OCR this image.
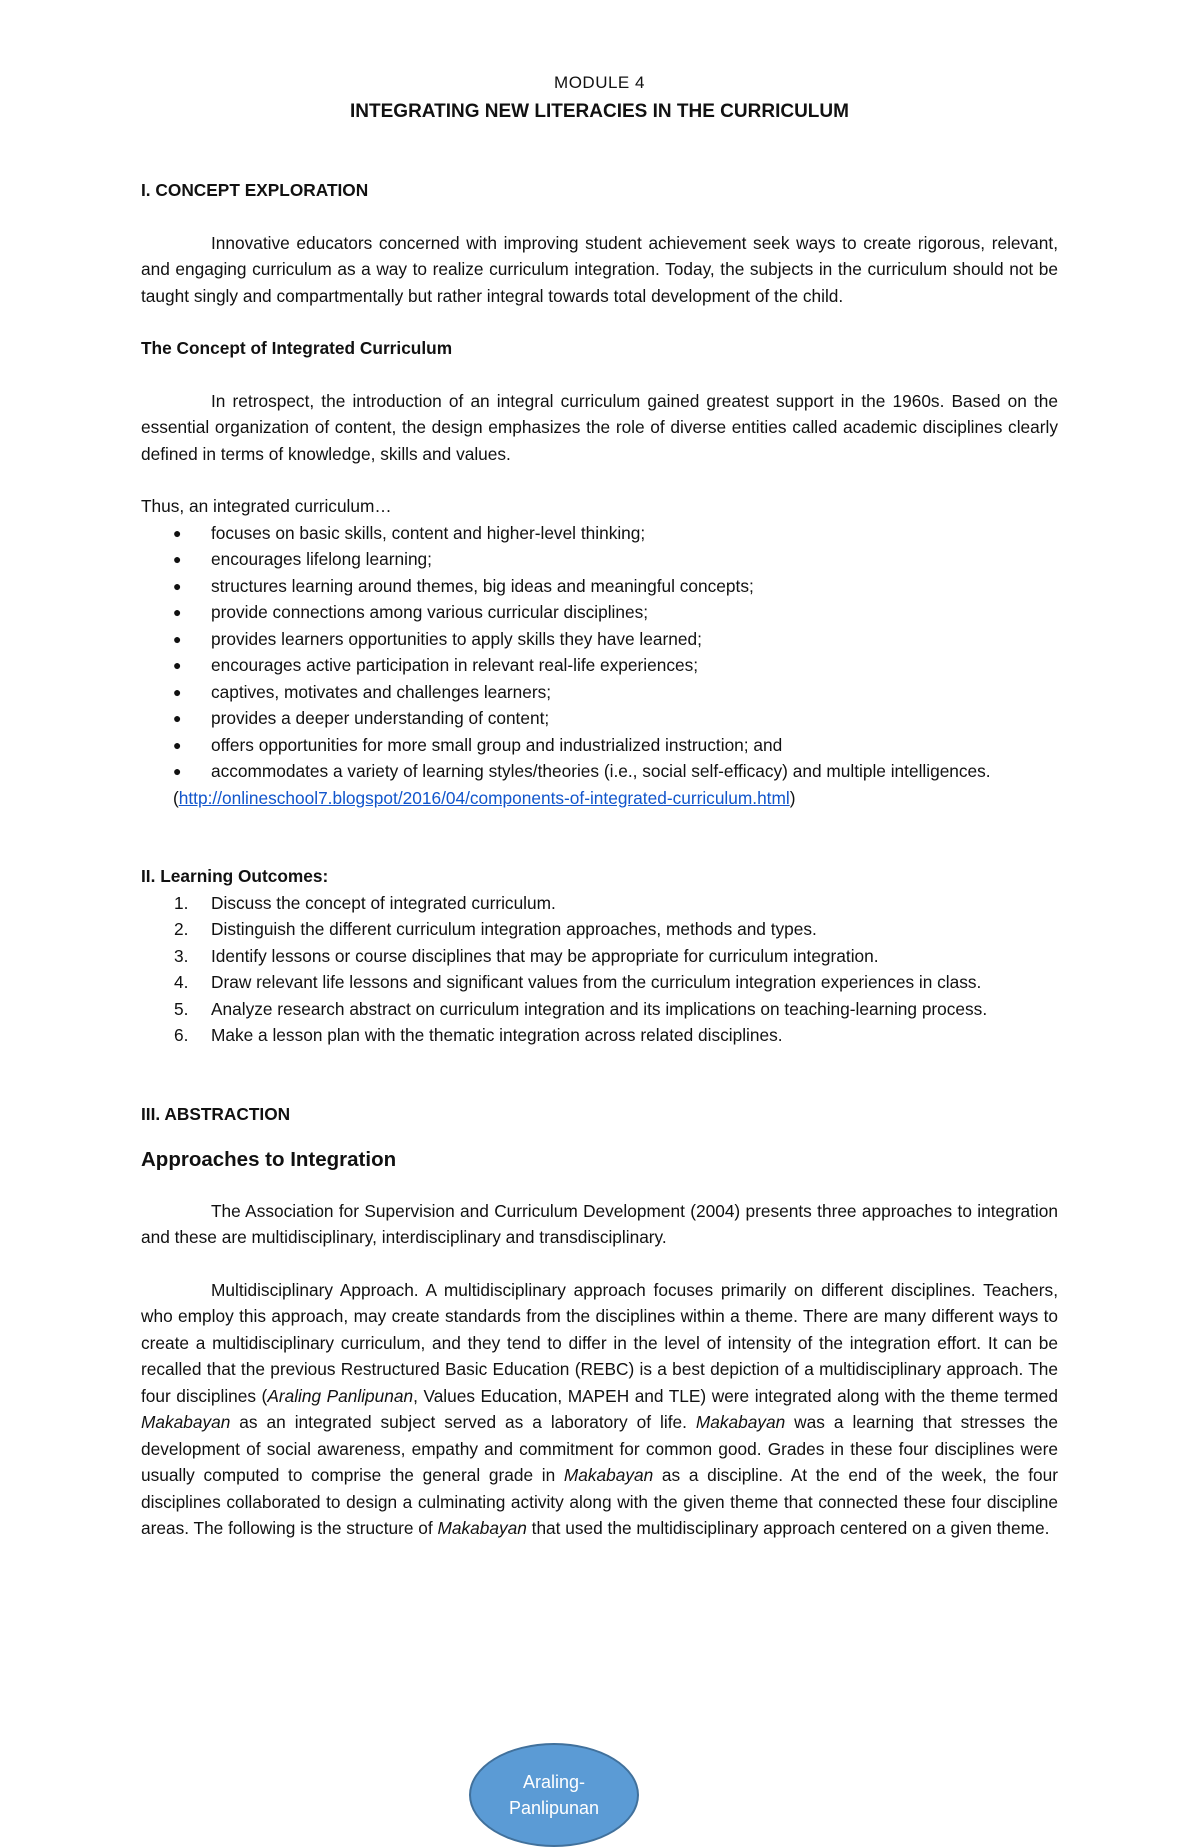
MODULE 4
INTEGRATING NEW LITERACIES IN THE CURRICULUM
I. CONCEPT EXPLORATION

Innovative educators concerned with improving student achievement seek ways to create rigorous, relevant, and engaging curriculum as a way to realize curriculum integration. Today, the subjects in the curriculum should not be taught singly and compartmentally but rather integral towards total development of the child.

The Concept of Integrated Curriculum

In retrospect, the introduction of an integral curriculum gained greatest support in the 1960s. Based on the essential organization of content, the design emphasizes the role of diverse entities called academic disciplines clearly defined in terms of knowledge, skills and values.

Thus, an integrated curriculum…

● focuses on basic skills, content and higher-level thinking;
● encourages lifelong learning;
● structures learning around themes, big ideas and meaningful concepts;
● provide connections among various curricular disciplines;
● provides learners opportunities to apply skills they have learned;
● encourages active participation in relevant real-life experiences;
● captives, motivates and challenges learners;
● provides a deeper understanding of content;
● offers opportunities for more small group and industrialized instruction; and
● accommodates a variety of learning styles/theories (i.e., social self-efficacy) and multiple intelligences.
(http://onlineschool7.blogspot/2016/04/components-of-integrated-curriculum.html)
II. Learning Outcomes:
1. Discuss the concept of integrated curriculum.
2. Distinguish the different curriculum integration approaches, methods and types.
3. Identify lessons or course disciplines that may be appropriate for curriculum integration.
4. Draw relevant life lessons and significant values from the curriculum integration experiences in class.
5. Analyze research abstract on curriculum integration and its implications on teaching-learning process.
6. Make a lesson plan with the thematic integration across related disciplines.
III. ABSTRACTION
Approaches to Integration

The Association for Supervision and Curriculum Development (2004) presents three approaches to integration and these are multidisciplinary, interdisciplinary and transdisciplinary.

Multidisciplinary Approach. A multidisciplinary approach focuses primarily on different disciplines. Teachers, who employ this approach, may create standards from the disciplines within a theme. There are many different ways to create a multidisciplinary curriculum, and they tend to differ in the level of intensity of the integration effort. It can be recalled that the previous Restructured Basic Education (REBC) is a best depiction of a multidisciplinary approach. The four disciplines (Araling Panlipunan, Values Education, MAPEH and TLE) were integrated along with the theme termed Makabayan as an integrated subject served as a laboratory of life. Makabayan was a learning that stresses the development of social awareness, empathy and commitment for common good. Grades in these four disciplines were usually computed to comprise the general grade in Makabayan as a discipline. At the end of the week, the four disciplines collaborated to design a culminating activity along with the given theme that connected these four discipline areas. The following is the structure of Makabayan that used the multidisciplinary approach centered on a given theme.

Araling-Panlipunan
